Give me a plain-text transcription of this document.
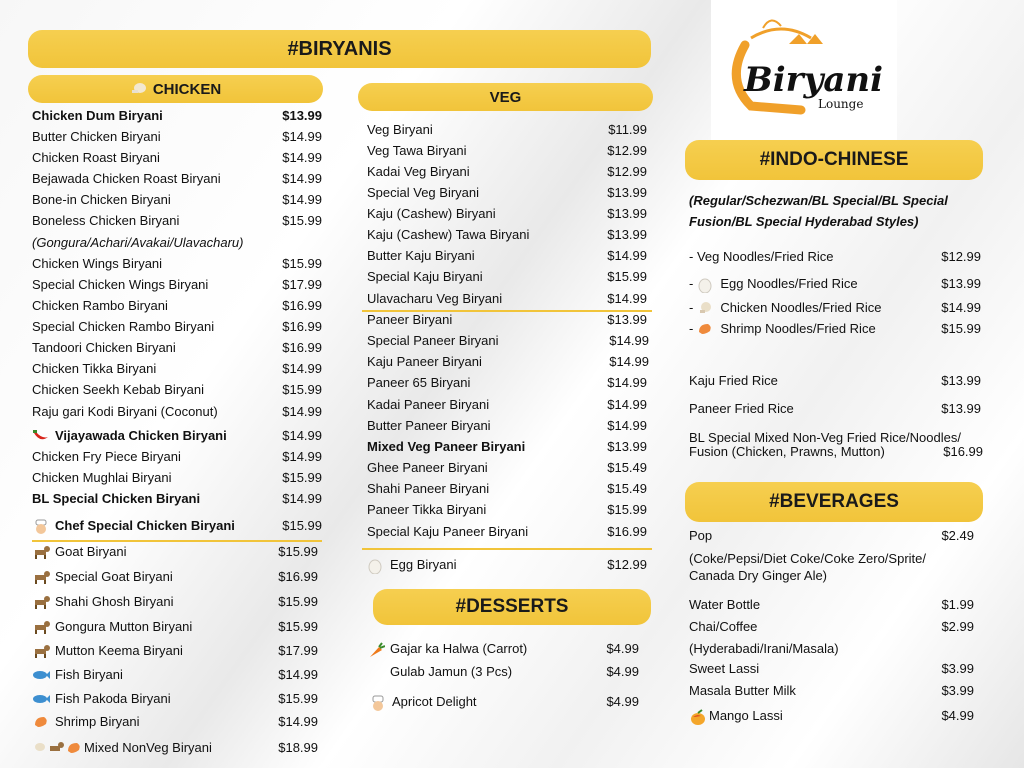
#BIRYANIS
CHICKEN
Chicken Dum Biryani	$13.99
Butter Chicken Biryani	$14.99
Chicken Roast Biryani	$14.99
Bejawada Chicken Roast Biryani	$14.99
Bone-in Chicken Biryani	$14.99
Boneless Chicken Biryani	$15.99
(Gongura/Achari/Avakai/Ulavacharu)
Chicken Wings Biryani	$15.99
Special Chicken Wings Biryani	$17.99
Chicken Rambo Biryani	$16.99
Special Chicken Rambo Biryani	$16.99
Tandoori Chicken Biryani	$16.99
Chicken Tikka Biryani	$14.99
Chicken Seekh Kebab Biryani	$15.99
Raju gari Kodi Biryani (Coconut)	$14.99
Vijayawada Chicken Biryani	$14.99
Chicken Fry Piece Biryani	$14.99
Chicken Mughlai Biryani	$15.99
BL Special Chicken Biryani	$14.99
Chef Special Chicken Biryani	$15.99
Goat Biryani	$15.99
Special Goat Biryani	$16.99
Shahi Ghosh Biryani	$15.99
Gongura Mutton Biryani	$15.99
Mutton Keema Biryani	$17.99
Fish Biryani	$14.99
Fish Pakoda Biryani	$15.99
Shrimp Biryani	$14.99
Mixed NonVeg Biryani	$18.99
VEG
Veg Biryani	$11.99
Veg Tawa Biryani	$12.99
Kadai Veg Biryani	$12.99
Special Veg Biryani	$13.99
Kaju (Cashew) Biryani	$13.99
Kaju (Cashew) Tawa Biryani	$13.99
Butter Kaju Biryani	$14.99
Special Kaju Biryani	$15.99
Ulavacharu Veg Biryani	$14.99
Paneer Biryani	$13.99
Special Paneer Biryani	$14.99
Kaju Paneer Biryani	$14.99
Paneer 65 Biryani	$14.99
Kadai Paneer Biryani	$14.99
Butter Paneer Biryani	$14.99
Mixed Veg Paneer Biryani	$13.99
Ghee Paneer Biryani	$15.49
Shahi Paneer Biryani	$15.49
Paneer Tikka Biryani	$15.99
Special Kaju Paneer Biryani	$16.99
Egg Biryani	$12.99
#DESSERTS
Gajar ka Halwa (Carrot)	$4.99
Gulab Jamun (3 Pcs)	$4.99
Apricot Delight	$4.99
Biryani
Lounge
#INDO-CHINESE
(Regular/Schezwan/BL Special/BL Special
Fusion/BL Special Hyderabad Styles)
- Veg Noodles/Fried Rice	$12.99
- Egg Noodles/Fried Rice	$13.99
- Chicken Noodles/Fried Rice	$14.99
- Shrimp Noodles/Fried Rice	$15.99
Kaju Fried Rice	$13.99
Paneer Fried Rice	$13.99
BL Special Mixed Non-Veg Fried Rice/Noodles/
Fusion (Chicken, Prawns, Mutton)	$16.99
#BEVERAGES
Pop	$2.49
(Coke/Pepsi/Diet Coke/Coke Zero/Sprite/
Canada Dry Ginger Ale)
Water Bottle	$1.99
Chai/Coffee	$2.99
(Hyderabadi/Irani/Masala)
Sweet Lassi	$3.99
Masala Butter Milk	$3.99
Mango Lassi	$4.99
